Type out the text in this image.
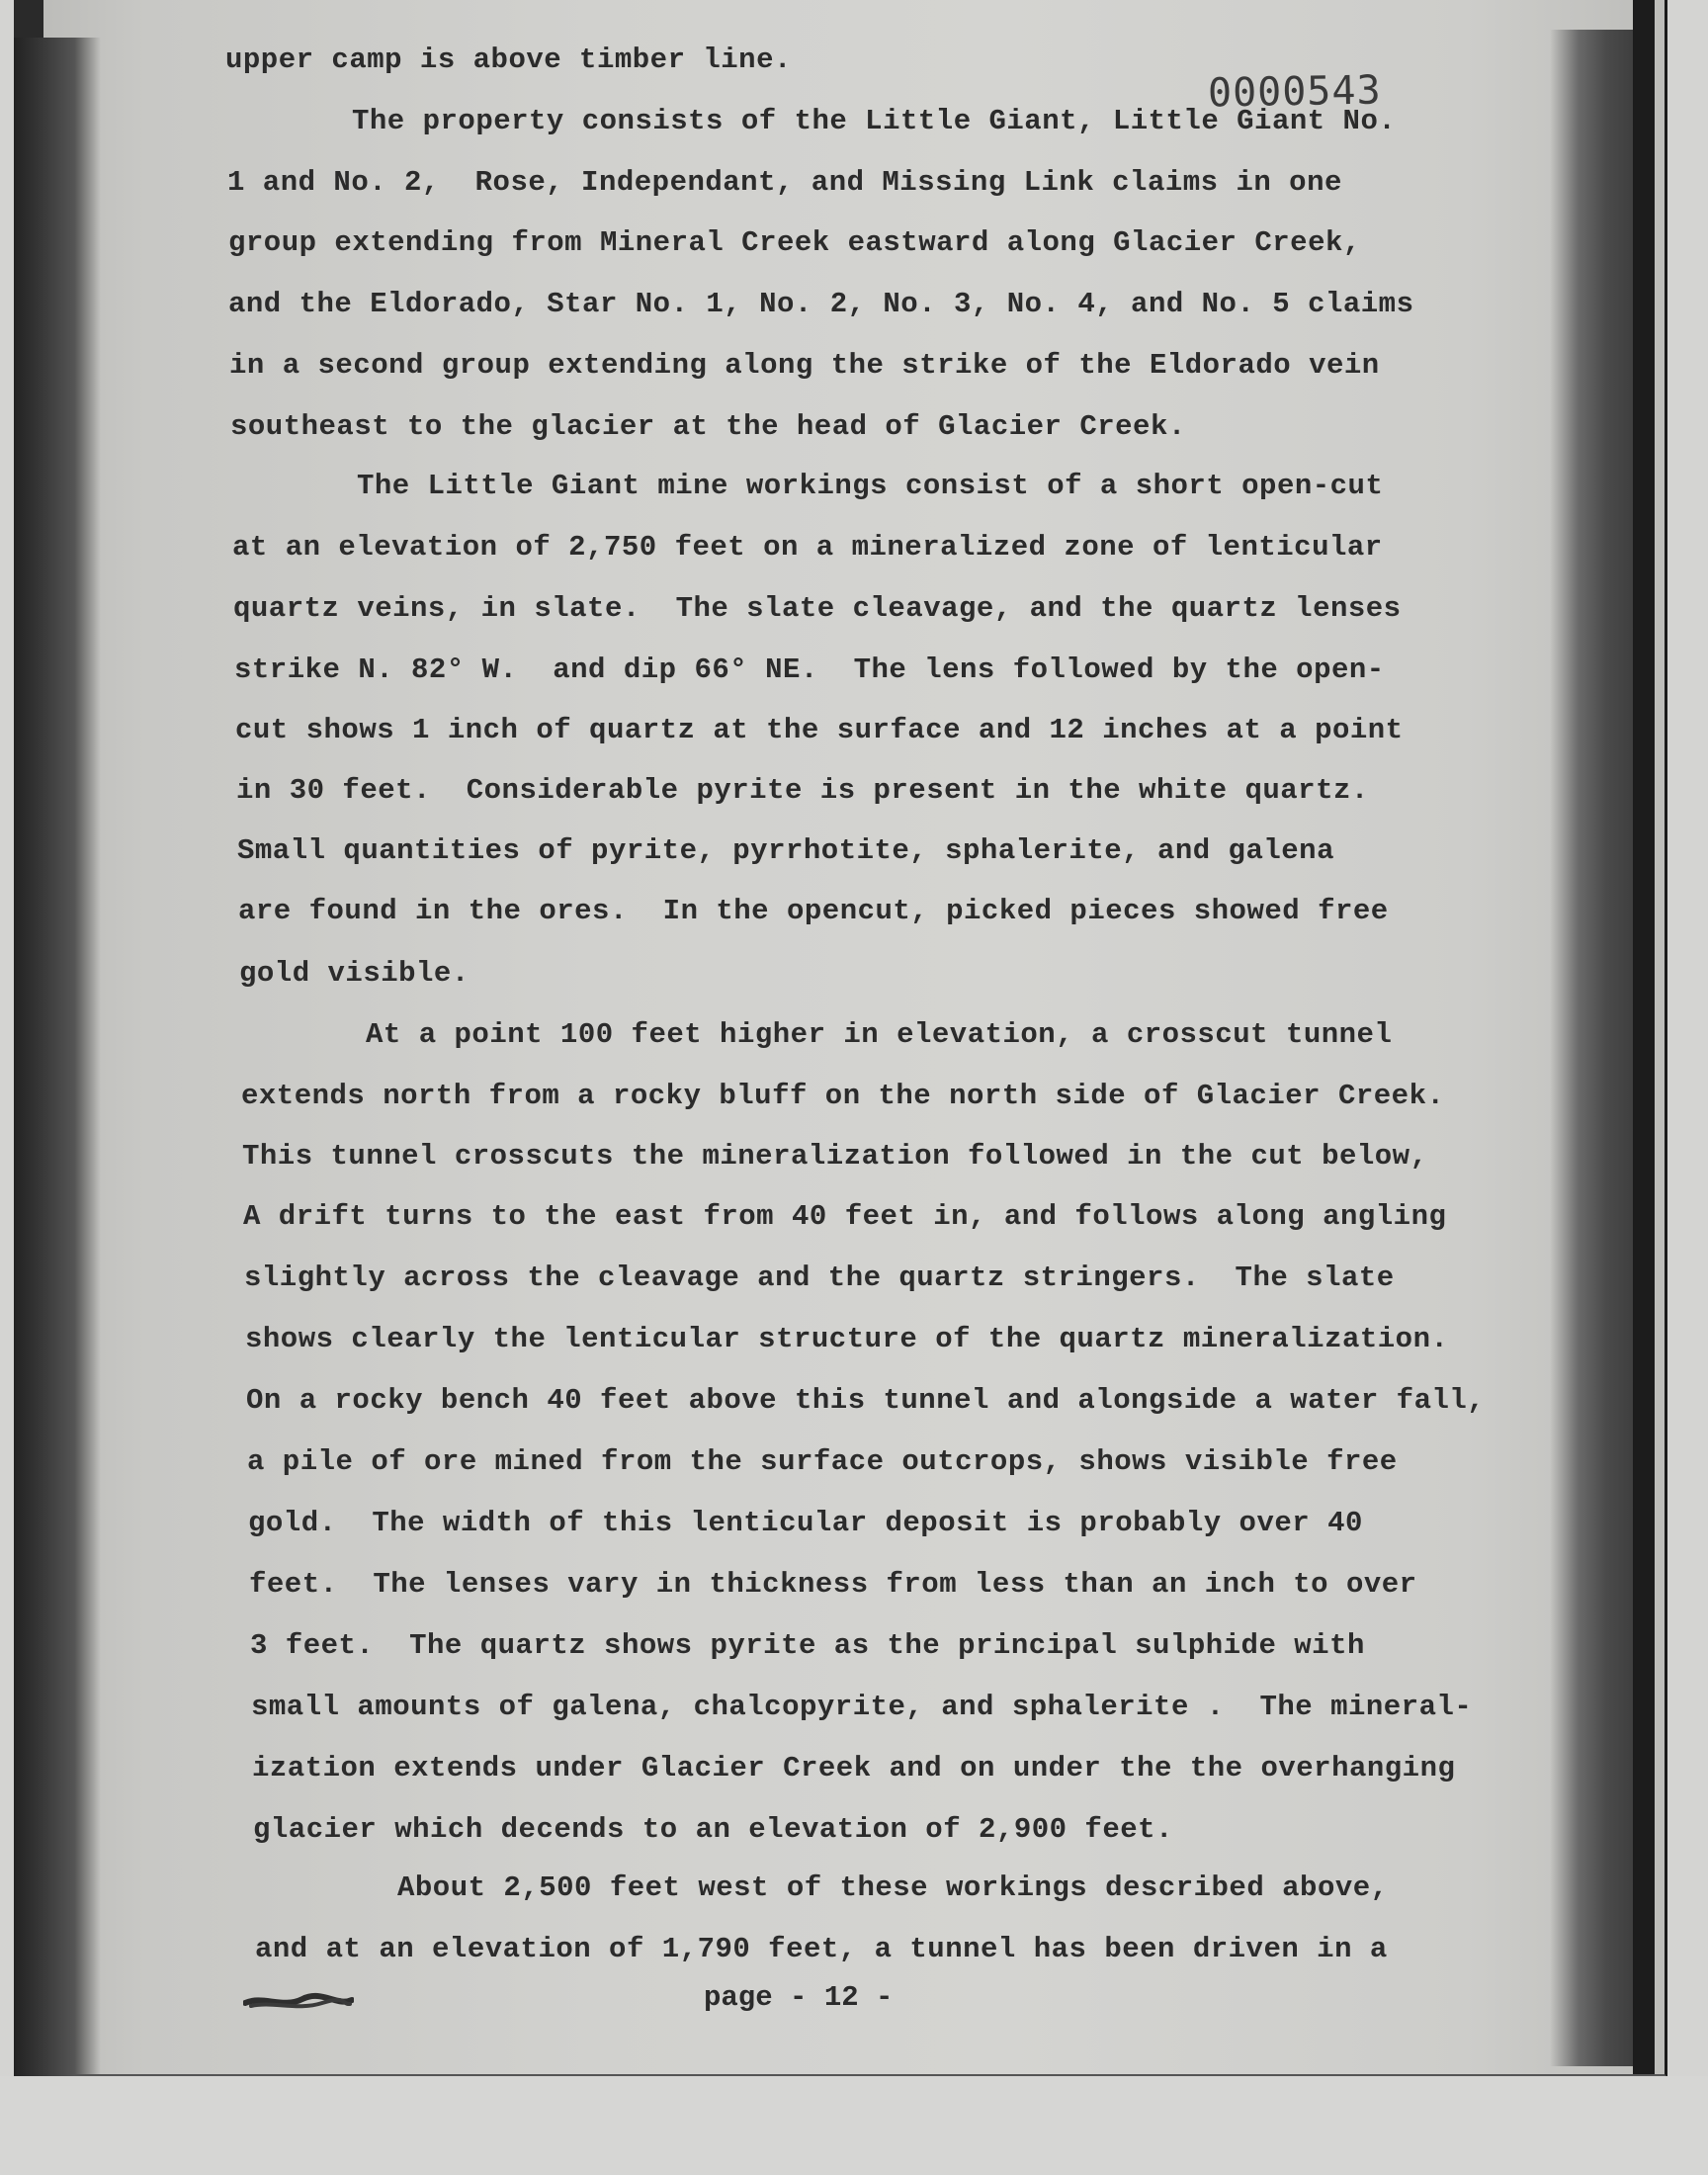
0000543
upper camp is above timber line.
The property consists of the Little Giant, Little Giant No.
1 and No. 2,  Rose, Independant, and Missing Link claims in one
group extending from Mineral Creek eastward along Glacier Creek,
and the Eldorado, Star No. 1, No. 2, No. 3, No. 4, and No. 5 claims
in a second group extending along the strike of the Eldorado vein
southeast to the glacier at the head of Glacier Creek.
The Little Giant mine workings consist of a short open-cut
at an elevation of 2,750 feet on a mineralized zone of lenticular
quartz veins, in slate.  The slate cleavage, and the quartz lenses
strike N. 82° W.  and dip 66° NE.  The lens followed by the open-
cut shows 1 inch of quartz at the surface and 12 inches at a point
in 30 feet.  Considerable pyrite is present in the white quartz.
Small quantities of pyrite, pyrrhotite, sphalerite, and galena
are found in the ores.  In the opencut, picked pieces showed free
gold visible.
At a point 100 feet higher in elevation, a crosscut tunnel
extends north from a rocky bluff on the north side of Glacier Creek.
This tunnel crosscuts the mineralization followed in the cut below,
A drift turns to the east from 40 feet in, and follows along angling
slightly across the cleavage and the quartz stringers.  The slate
shows clearly the lenticular structure of the quartz mineralization.
On a rocky bench 40 feet above this tunnel and alongside a water fall,
a pile of ore mined from the surface outcrops, shows visible free
gold.  The width of this lenticular deposit is probably over 40
feet.  The lenses vary in thickness from less than an inch to over
3 feet.  The quartz shows pyrite as the principal sulphide with
small amounts of galena, chalcopyrite, and sphalerite .  The mineral-
ization extends under Glacier Creek and on under the the overhanging
glacier which decends to an elevation of 2,900 feet.
About 2,500 feet west of these workings described above,
and at an elevation of 1,790 feet, a tunnel has been driven in a
page - 12 -
